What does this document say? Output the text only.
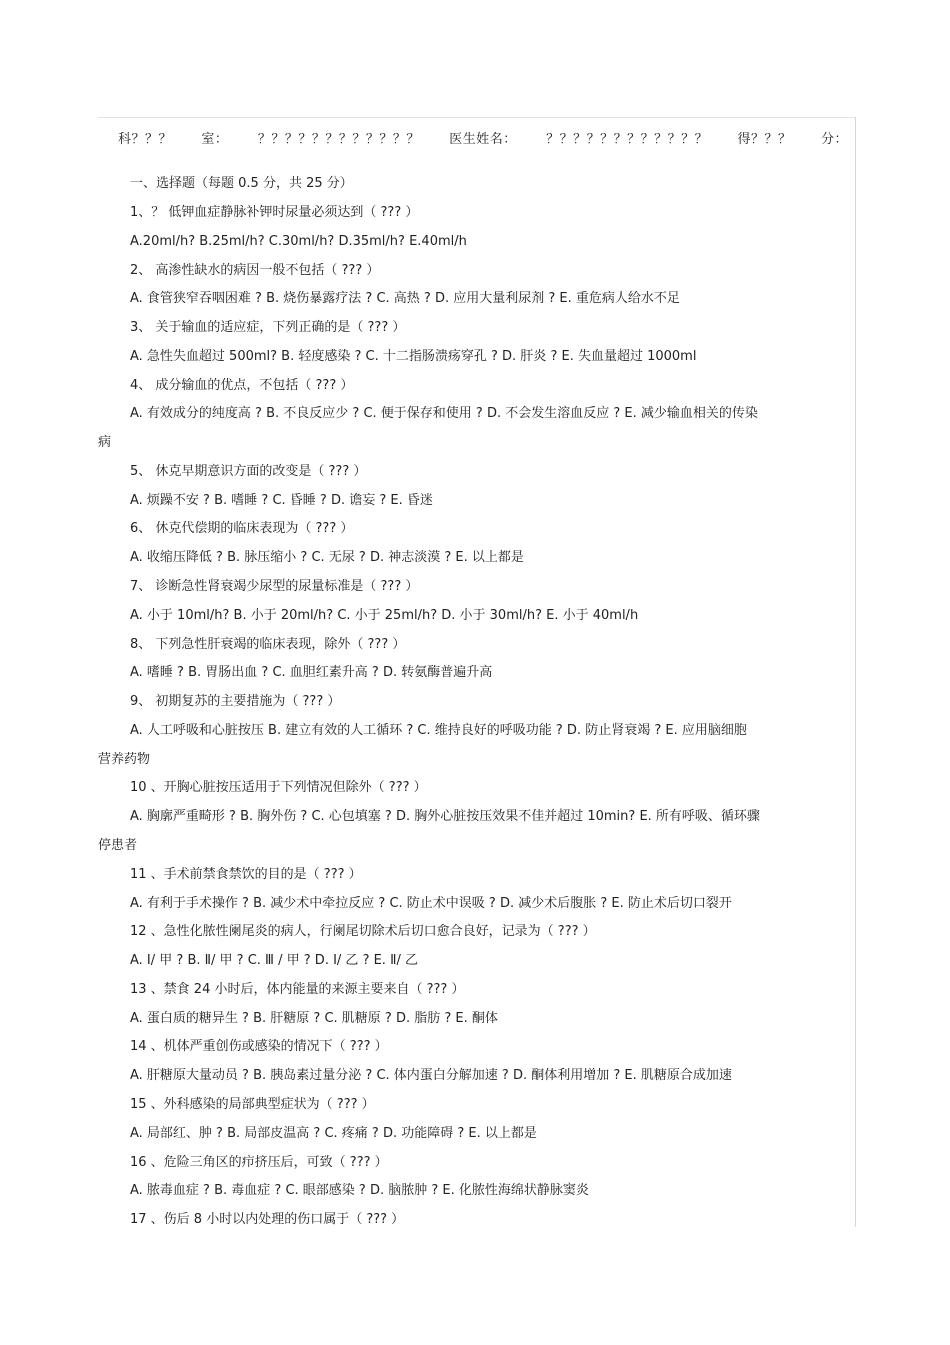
科？？？ 室： ？？？？？？？？？？？？ 医生姓名： ？？？？？？？？？？？？ 得？？？ 分：
一、选择题（每题 0.5 分，共 25 分）
1、？ 低钾血症静脉补钾时尿量必须达到（ ??? ）
A.20ml/h? B.25ml/h? C.30ml/h? D.35ml/h? E.40ml/h
2、 高渗性缺水的病因一般不包括（ ??? ）
A. 食管狭窄吞咽困难 ? B. 烧伤暴露疗法 ? C. 高热 ? D. 应用大量利尿剂 ? E. 重危病人给水不足
3、 关于输血的适应症，下列正确的是（ ??? ）
A. 急性失血超过 500ml? B. 轻度感染 ? C. 十二指肠溃疡穿孔 ? D. 肝炎 ? E. 失血量超过 1000ml
4、 成分输血的优点，不包括（ ??? ）
A. 有效成分的纯度高 ? B. 不良反应少 ? C. 便于保存和使用 ? D. 不会发生溶血反应 ? E. 减少输血相关的传染
病
5、 休克早期意识方面的改变是（ ??? ）
A. 烦躁不安 ? B. 嗜睡 ? C. 昏睡 ? D. 谵妄 ? E. 昏迷
6、 休克代偿期的临床表现为（ ??? ）
A. 收缩压降低 ? B. 脉压缩小 ? C. 无尿 ? D. 神志淡漠 ? E. 以上都是
7、 诊断急性肾衰竭少尿型的尿量标准是（ ??? ）
A. 小于 10ml/h? B. 小于 20ml/h? C. 小于 25ml/h? D. 小于 30ml/h? E. 小于 40ml/h
8、 下列急性肝衰竭的临床表现，除外（ ??? ）
A. 嗜睡 ? B. 胃肠出血 ? C. 血胆红素升高 ? D. 转氨酶普遍升高
9、 初期复苏的主要措施为（ ??? ）
A. 人工呼吸和心脏按压 B. 建立有效的人工循环 ? C. 维持良好的呼吸功能 ? D. 防止肾衰竭 ? E. 应用脑细胞
营养药物
10 、开胸心脏按压适用于下列情况但除外（ ??? ）
A. 胸廓严重畸形 ? B. 胸外伤 ? C. 心包填塞 ? D. 胸外心脏按压效果不佳并超过 10min? E. 所有呼吸、循环骤
停患者
11 、手术前禁食禁饮的目的是（ ??? ）
A. 有利于手术操作 ? B. 减少术中牵拉反应 ? C. 防止术中误吸 ? D. 减少术后腹胀 ? E. 防止术后切口裂开
12 、急性化脓性阑尾炎的病人，行阑尾切除术后切口愈合良好，记录为（ ??? ）
A. Ⅰ/ 甲 ? B. Ⅱ/ 甲 ? C. Ⅲ / 甲 ? D. Ⅰ/ 乙 ? E. Ⅱ/ 乙
13 、禁食 24 小时后，体内能量的来源主要来自（ ??? ）
A. 蛋白质的糖异生 ? B. 肝糖原 ? C. 肌糖原 ? D. 脂肪 ? E. 酮体
14 、机体严重创伤或感染的情况下（ ??? ）
A. 肝糖原大量动员 ? B. 胰岛素过量分泌 ? C. 体内蛋白分解加速 ? D. 酮体利用增加 ? E. 肌糖原合成加速
15 、外科感染的局部典型症状为（ ??? ）
A. 局部红、肿 ? B. 局部皮温高 ? C. 疼痛 ? D. 功能障碍 ? E. 以上都是
16 、危险三角区的疖挤压后，可致（ ??? ）
A. 脓毒血症 ? B. 毒血症 ? C. 眼部感染 ? D. 脑脓肿 ? E. 化脓性海绵状静脉窦炎
17 、伤后 8 小时以内处理的伤口属于（ ??? ）
